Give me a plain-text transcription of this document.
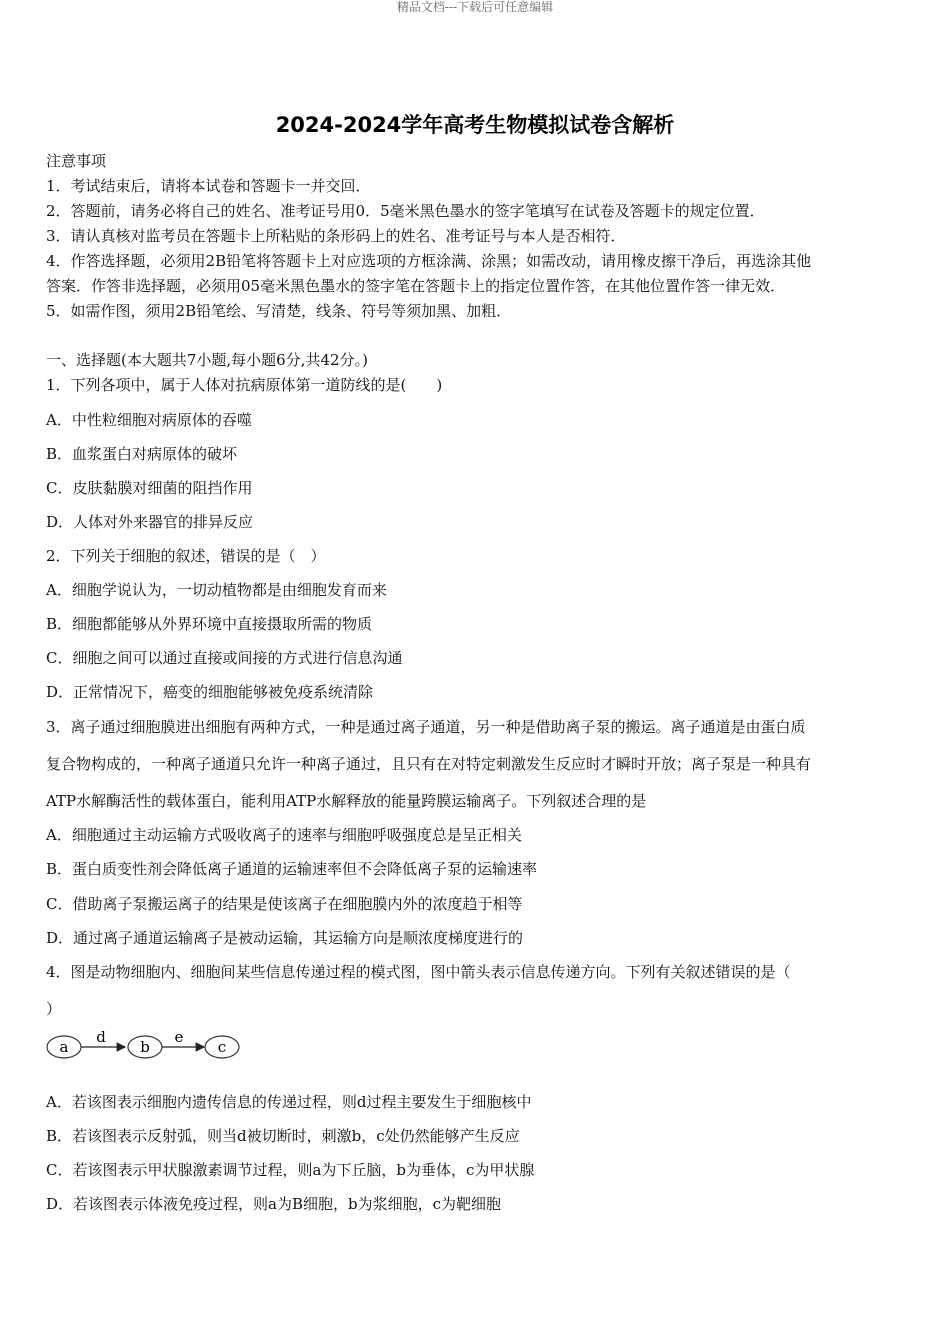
精品文档---下载后可任意编辑
2024-2024学年高考生物模拟试卷含解析
注意事项
1．考试结束后，请将本试卷和答题卡一并交回．
2．答题前，请务必将自己的姓名、准考证号用0．5毫米黑色墨水的签字笔填写在试卷及答题卡的规定位置．
3．请认真核对监考员在答题卡上所粘贴的条形码上的姓名、准考证号与本人是否相符．
4．作答选择题，必须用2B铅笔将答题卡上对应选项的方框涂满、涂黑；如需改动，请用橡皮擦干净后，再选涂其他
答案．作答非选择题，必须用05毫米黑色墨水的签字笔在答题卡上的指定位置作答，在其他位置作答一律无效．
5．如需作图，须用2B铅笔绘、写清楚，线条、符号等须加黑、加粗．
一、选择题(本大题共7小题,每小题6分,共42分。)
1．下列各项中，属于人体对抗病原体第一道防线的是(　　)
A．中性粒细胞对病原体的吞噬
B．血浆蛋白对病原体的破坏
C．皮肤黏膜对细菌的阻挡作用
D．人体对外来器官的排异反应
2．下列关于细胞的叙述，错误的是（　）
A．细胞学说认为，一切动植物都是由细胞发育而来
B．细胞都能够从外界环境中直接摄取所需的物质
C．细胞之间可以通过直接或间接的方式进行信息沟通
D．正常情况下，癌变的细胞能够被免疫系统清除
3．离子通过细胞膜进出细胞有两种方式，一种是通过离子通道，另一种是借助离子泵的搬运。离子通道是由蛋白质
复合物构成的，一种离子通道只允许一种离子通过，且只有在对特定刺激发生反应时才瞬时开放；离子泵是一种具有
ATP水解酶活性的载体蛋白，能利用ATP水解释放的能量跨膜运输离子。下列叙述合理的是
A．细胞通过主动运输方式吸收离子的速率与细胞呼吸强度总是呈正相关
B．蛋白质变性剂会降低离子通道的运输速率但不会降低离子泵的运输速率
C．借助离子泵搬运离子的结果是使该离子在细胞膜内外的浓度趋于相等
D．通过离子通道运输离子是被动运输，其运输方向是顺浓度梯度进行的
4．图是动物细胞内、细胞间某些信息传递过程的模式图，图中箭头表示信息传递方向。下列有关叙述错误的是（
）
a
d
b
e
c
A．若该图表示细胞内遗传信息的传递过程，则d过程主要发生于细胞核中
B．若该图表示反射弧，则当d被切断时，刺激b，c处仍然能够产生反应
C．若该图表示甲状腺激素调节过程，则a为下丘脑，b为垂体，c为甲状腺
D．若该图表示体液免疫过程，则a为B细胞，b为浆细胞，c为靶细胞
